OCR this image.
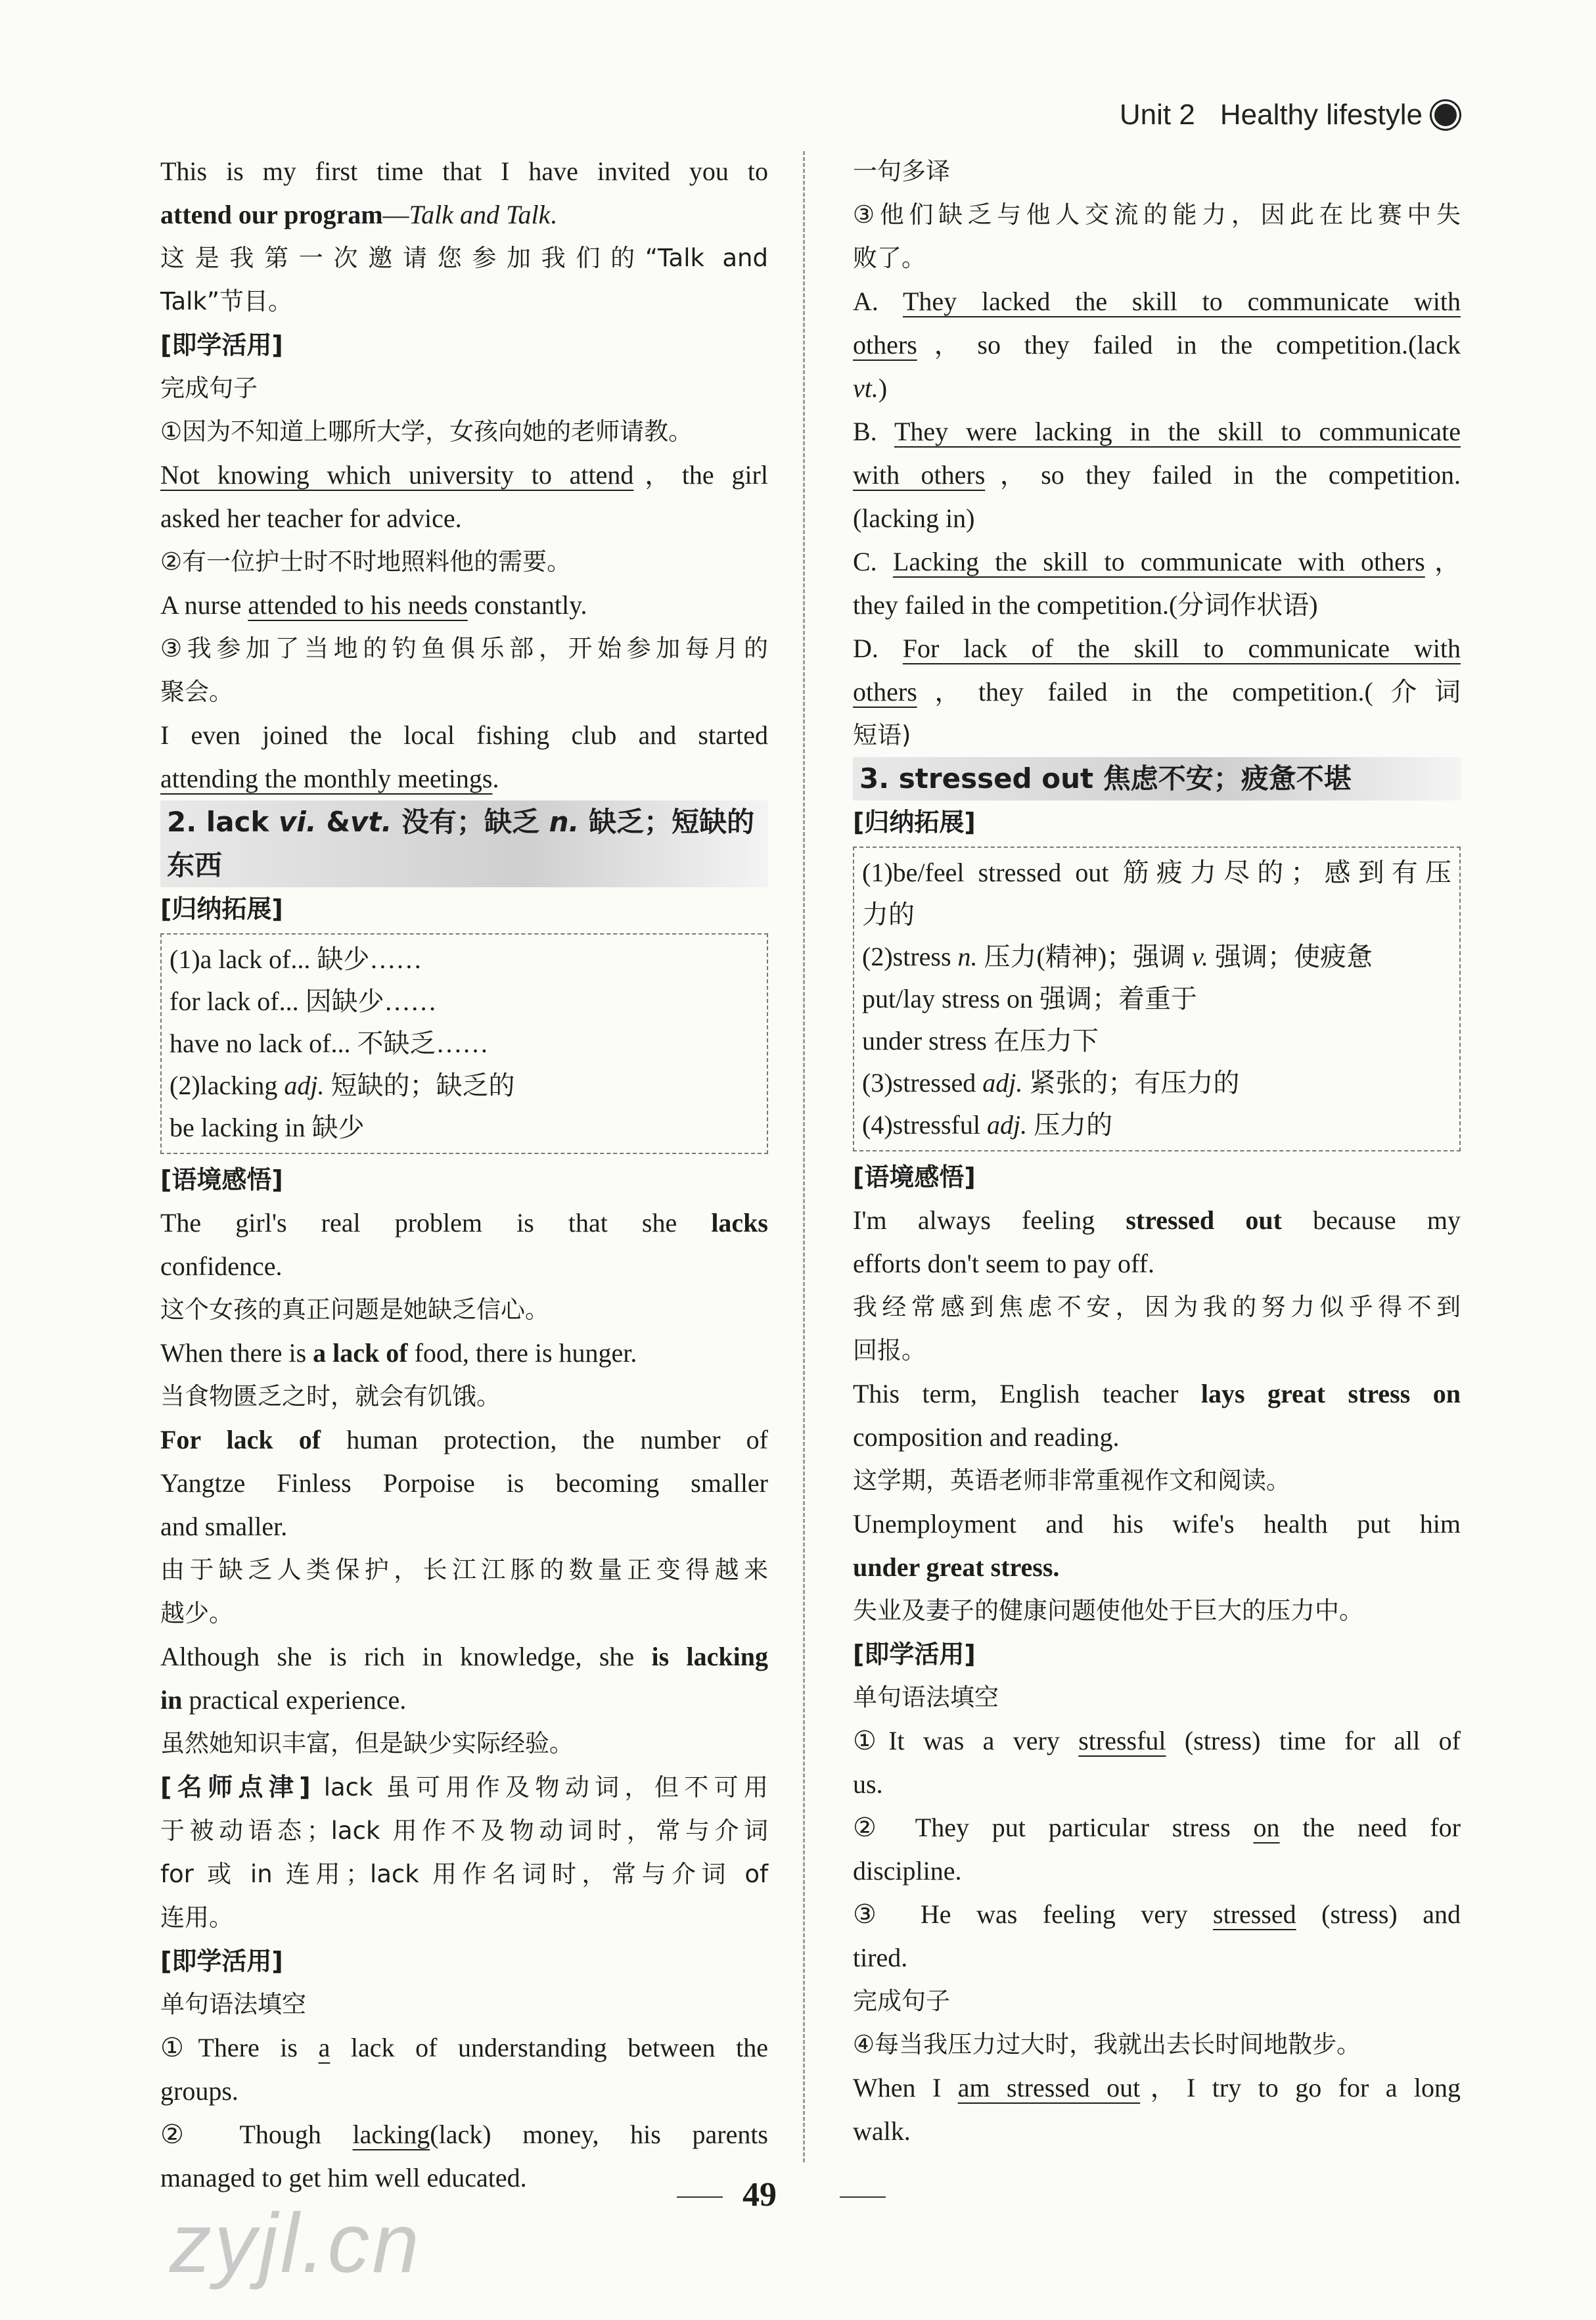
Unit 2 Healthy lifestyle

This is my first time that I have invited you to

attend our program—Talk and Talk.

这是我第一次邀请您参加我们的“Talk and

Talk”节目。

[即学活用]

完成句子

①因为不知道上哪所大学，女孩向她的老师请教。

Not knowing which university to attend，the girl

asked her teacher for advice.

②有一位护士时不时地照料他的需要。

A nurse attended to his needs constantly.

③我参加了当地的钓鱼俱乐部，开始参加每月的

聚会。

I even joined the local fishing club and started

attending the monthly meetings.

2. lack vi. &vt. 没有；缺乏 n. 缺乏；短缺的东西

[归纳拓展]

(1)a lack of... 缺少……

for lack of... 因缺少……

have no lack of... 不缺乏……

(2)lacking adj. 短缺的；缺乏的

be lacking in 缺少

[语境感悟]

The girl's real problem is that she lacks

confidence.

这个女孩的真正问题是她缺乏信心。

When there is a lack of food, there is hunger.

当食物匮乏之时，就会有饥饿。

For lack of human protection, the number of

Yangtze Finless Porpoise is becoming smaller

and smaller.

由于缺乏人类保护，长江江豚的数量正变得越来

越少。

Although she is rich in knowledge, she is lacking

in practical experience.

虽然她知识丰富，但是缺少实际经验。

[名师点津] lack 虽可用作及物动词，但不可用

于被动语态；lack 用作不及物动词时，常与介词

for 或 in 连用；lack 用作名词时，常与介词 of

连用。

[即学活用]

单句语法填空

①There is a lack of understanding between the

groups.

② Though lacking(lack) money, his parents

managed to get him well educated.

一句多译

③他们缺乏与他人交流的能力，因此在比赛中失

败了。

A. They lacked the skill to communicate with

others，so they failed in the competition.(lack

vt.)

B. They were lacking in the skill to communicate

with others，so they failed in the competition.

(lacking in)

C. Lacking the skill to communicate with others，

they failed in the competition.(分词作状语)

D. For lack of the skill to communicate with

others，they failed in the competition.(介词

短语)

3. stressed out 焦虑不安；疲惫不堪

[归纳拓展]

(1)be/feel stressed out 筋疲力尽的；感到有压

力的

(2)stress n. 压力(精神)；强调 v. 强调；使疲惫

put/lay stress on 强调；着重于

under stress 在压力下

(3)stressed adj. 紧张的；有压力的

(4)stressful adj. 压力的

[语境感悟]

I'm always feeling stressed out because my

efforts don't seem to pay off.

我经常感到焦虑不安，因为我的努力似乎得不到

回报。

This term, English teacher lays great stress on

composition and reading.

这学期，英语老师非常重视作文和阅读。

Unemployment and his wife's health put him

under great stress.

失业及妻子的健康问题使他处于巨大的压力中。

[即学活用]

单句语法填空

①It was a very stressful (stress) time for all of

us.

② They put particular stress on the need for

discipline.

③ He was feeling very stressed (stress) and

tired.

完成句子

④每当我压力过大时，我就出去长时间地散步。

When I am stressed out，I try to go for a long

walk.

49
zyjl.cn
